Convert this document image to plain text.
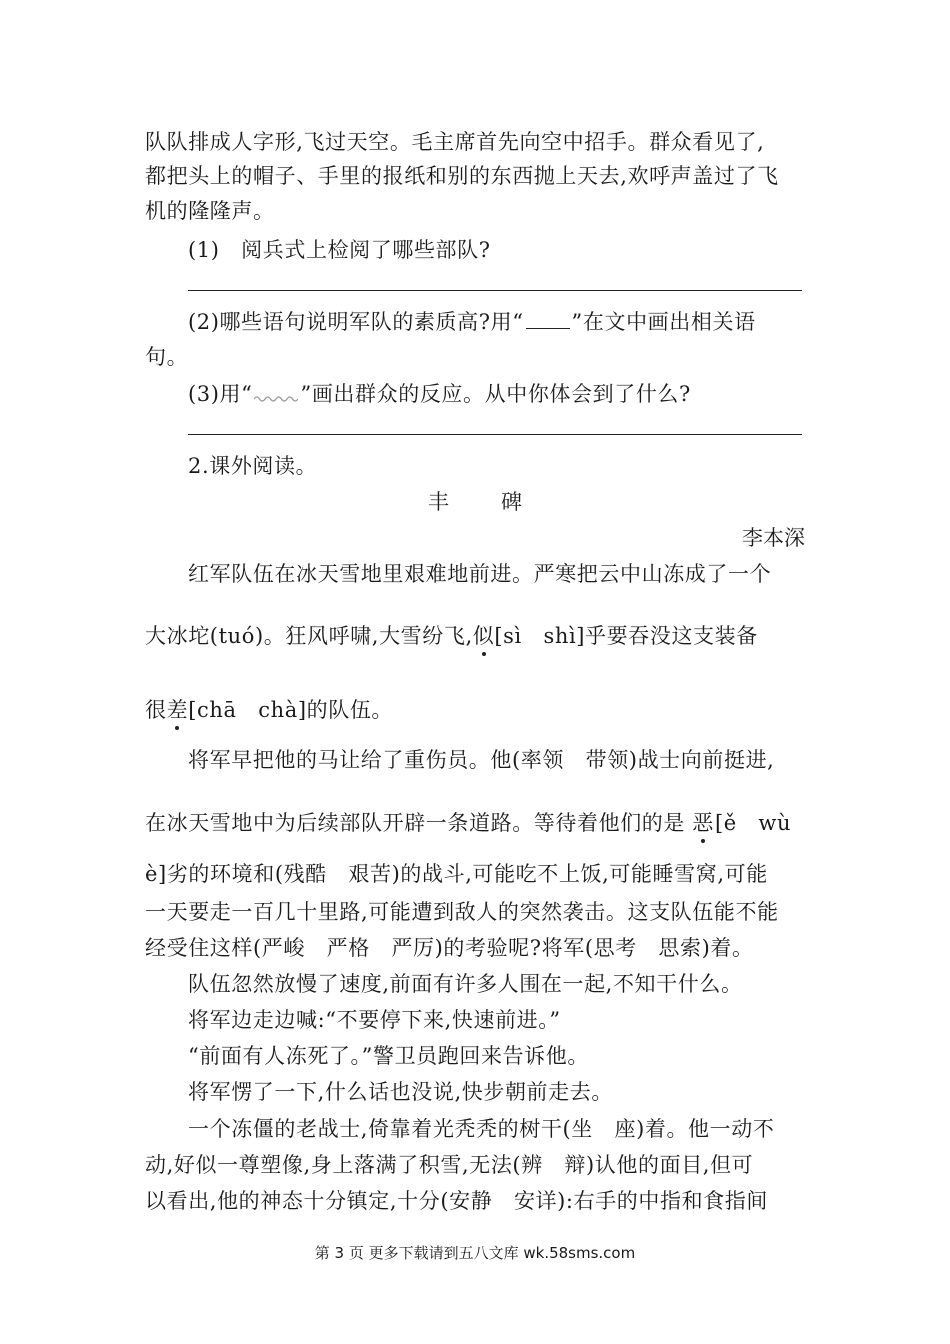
队队排成人字形,飞过天空。毛主席首先向空中招手。群众看见了,
都把头上的帽子、手里的报纸和别的东西抛上天去,欢呼声盖过了飞
机的隆隆声。
(1)　阅兵式上检阅了哪些部队?
(2)哪些语句说明军队的素质高?用“ ”在文中画出相关语
句。
(3)用“ ”画出群众的反应。从中你体会到了什么?
2.课外阅读。
丰 碑
李本深
红军队伍在冰天雪地里艰难地前进。严寒把云中山冻成了一个
大冰坨(tuó)。狂风呼啸,大雪纷飞,似[sì　shì]乎要吞没这支装备
很差[chā　chà]的队伍。
将军早把他的马让给了重伤员。他(率领　带领)战士向前挺进,
在冰天雪地中为后续部队开辟一条道路。等待着他们的是 恶 [ě　wù
è]劣的环境和(残酷　艰苦)的战斗,可能吃不上饭,可能睡雪窝,可能
一天要走一百几十里路,可能遭到敌人的突然袭击。这支队伍能不能
经受住这样(严峻　严格　严厉)的考验呢?将军(思考　思索)着。
队伍忽然放慢了速度,前面有许多人围在一起,不知干什么。
将军边走边喊:“不要停下来,快速前进。”
“前面有人冻死了。”警卫员跑回来告诉他。
将军愣了一下,什么话也没说,快步朝前走去。
一个冻僵的老战士,倚靠着光秃秃的树干(坐　座)着。他一动不
动,好似一尊塑像,身上落满了积雪,无法(辨　辩)认他的面目,但可
以看出,他的神态十分镇定,十分(安静　安详):右手的中指和食指间
第 3 页 更多下载请到五八文库 wk.58sms.com
